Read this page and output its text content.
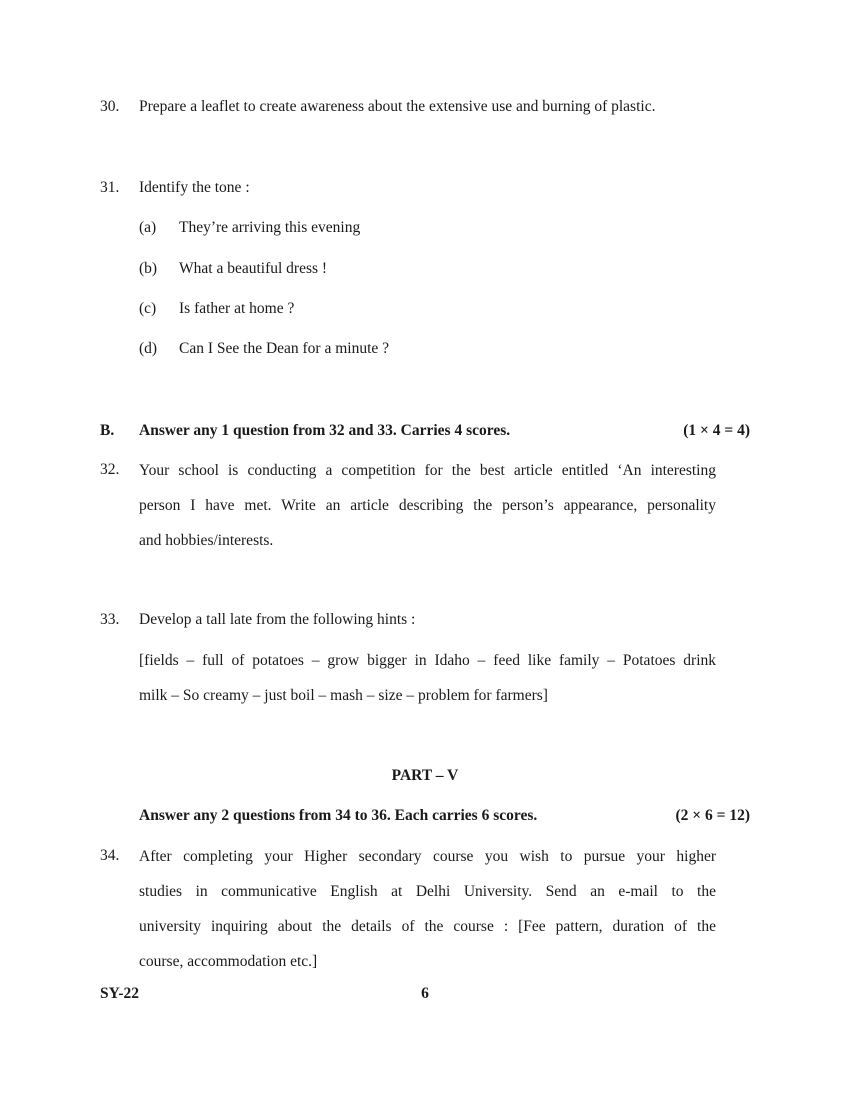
30. Prepare a leaflet to create awareness about the extensive use and burning of plastic.
31. Identify the tone :
(a) They’re arriving this evening
(b) What a beautiful dress !
(c) Is father at home ?
(d) Can I See the Dean for a minute ?
B. Answer any 1 question from 32 and 33. Carries 4 scores.	(1 × 4 = 4)
32. Your school is conducting a competition for the best article entitled ‘An interesting
person I have met. Write an article describing the person’s appearance, personality
and hobbies/interests.
33. Develop a tall late from the following hints :
[fields – full of potatoes – grow bigger in Idaho – feed like family – Potatoes drink
milk – So creamy – just boil – mash – size – problem for farmers]
PART – V
Answer any 2 questions from 34 to 36. Each carries 6 scores.	(2 × 6 = 12)
34. After completing your Higher secondary course you wish to pursue your higher
studies in communicative English at Delhi University. Send an e-mail to the
university inquiring about the details of the course : [Fee pattern, duration of the
course, accommodation etc.]
SY-22	6
